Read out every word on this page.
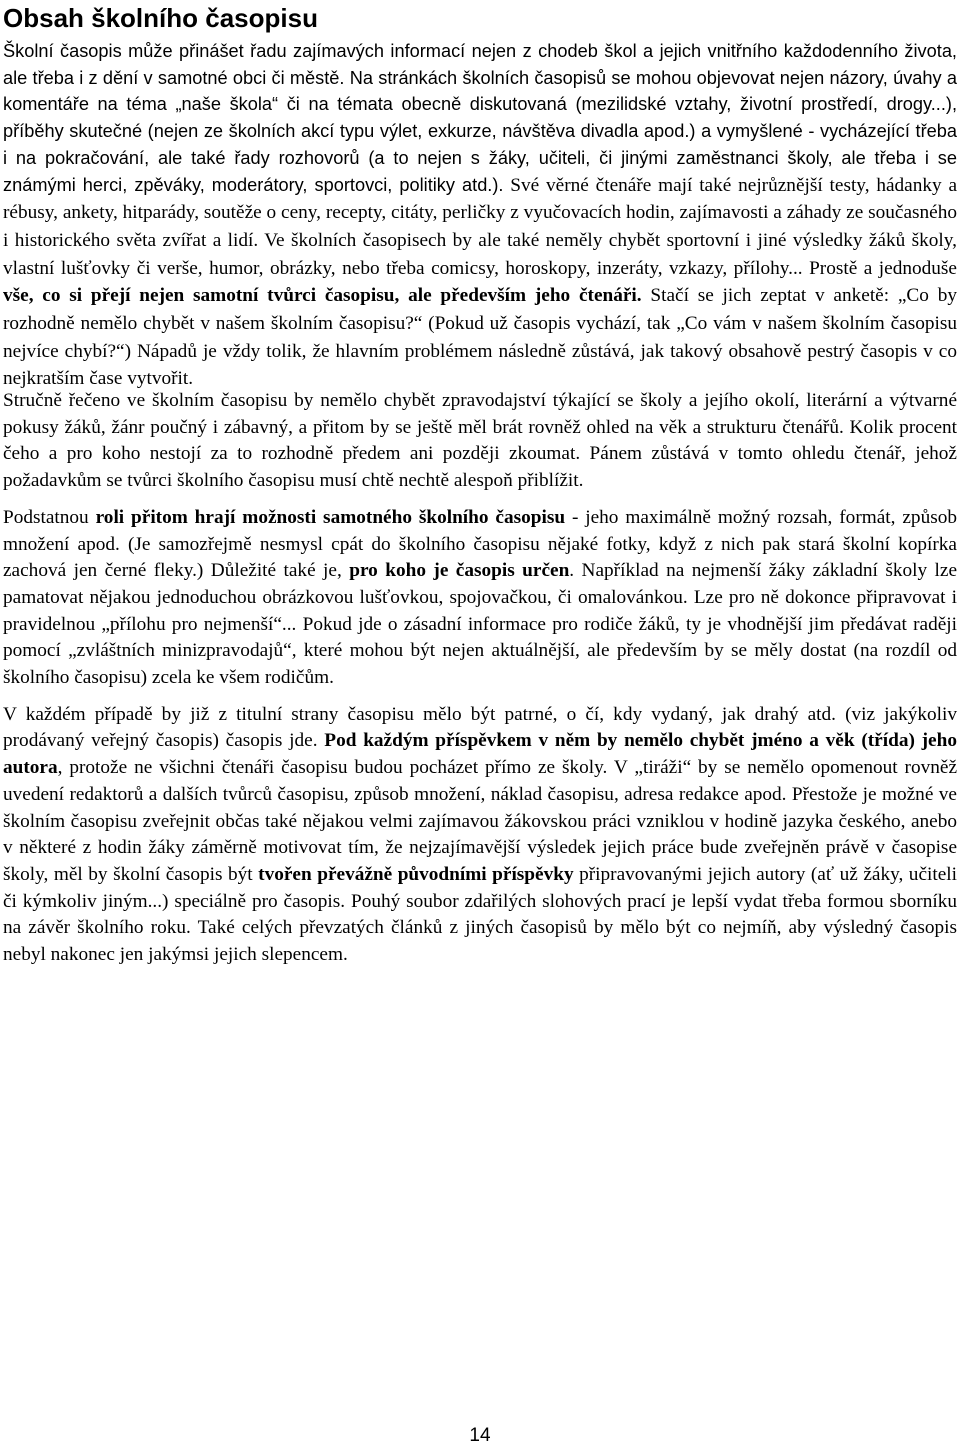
Obsah školního časopisu

Školní časopis může přinášet řadu zajímavých informací nejen z chodeb škol a jejich vnitřního každodenního života, ale třeba i z dění v samotné obci či městě. Na stránkách školních časopisů se mohou objevovat nejen názory, úvahy a komentáře na téma „naše škola“ či na témata obecně diskutovaná (mezilidské vztahy, životní prostředí, drogy...), příběhy skutečné (nejen ze školních akcí typu výlet, exkurze, návštěva divadla apod.) a vymyšlené - vycházející třeba i na pokračování, ale také řady rozhovorů (a to nejen s žáky, učiteli, či jinými zaměstnanci školy, ale třeba i se známými herci, zpěváky, moderátory, sportovci, politiky atd.). Své věrné čtenáře mají také nejrůznější testy, hádanky a rébusy, ankety, hitparády, soutěže o ceny, recepty, citáty, perličky z vyučovacích hodin, zajímavosti a záhady ze současného i historického světa zvířat a lidí. Ve školních časopisech by ale také neměly chybět sportovní i jiné výsledky žáků školy, vlastní lušťovky či verše, humor, obrázky, nebo třeba comicsy, horoskopy, inzeráty, vzkazy, přílohy... Prostě a jednoduše vše, co si přejí nejen samotní tvůrci časopisu, ale především jeho čtenáři. Stačí se jich zeptat v anketě: „Co by rozhodně nemělo chybět v našem školním časopisu?“ (Pokud už časopis vychází, tak „Co vám v našem školním časopisu nejvíce chybí?“) Nápadů je vždy tolik, že hlavním problémem následně zůstává, jak takový obsahově pestrý časopis v co nejkratším čase vytvořit.

Stručně řečeno ve školním časopisu by nemělo chybět zpravodajství týkající se školy a jejího okolí, literární a výtvarné pokusy žáků, žánr poučný i zábavný, a přitom by se ještě měl brát rovněž ohled na věk a strukturu čtenářů. Kolik procent čeho a pro koho nestojí za to rozhodně předem ani později zkoumat. Pánem zůstává v tomto ohledu čtenář, jehož požadavkům se tvůrci školního časopisu musí chtě nechtě alespoň přiblížit.

Podstatnou roli přitom hrají možnosti samotného školního časopisu - jeho maximálně možný rozsah, formát, způsob množení apod. (Je samozřejmě nesmysl cpát do školního časopisu nějaké fotky, když z nich pak stará školní kopírka zachová jen černé fleky.) Důležité také je, pro koho je časopis určen. Například na nejmenší žáky základní školy lze pamatovat nějakou jednoduchou obrázkovou lušťovkou, spojovačkou, či omalovánkou. Lze pro ně dokonce připravovat i pravidelnou „přílohu pro nejmenší“... Pokud jde o zásadní informace pro rodiče žáků, ty je vhodnější jim předávat raději pomocí „zvláštních minizpravodajů“, které mohou být nejen aktuálnější, ale především by se měly dostat (na rozdíl od školního časopisu) zcela ke všem rodičům.

V každém případě by již z titulní strany časopisu mělo být patrné, o čí, kdy vydaný, jak drahý atd. (viz jakýkoliv prodávaný veřejný časopis) časopis jde. Pod každým příspěvkem v něm by nemělo chybět jméno a věk (třída) jeho autora, protože ne všichni čtenáři časopisu budou pocházet přímo ze školy. V „tiráži“ by se nemělo opomenout rovněž uvedení redaktorů a dalších tvůrců časopisu, způsob množení, náklad časopisu, adresa redakce apod. Přestože je možné ve školním časopisu zveřejnit občas také nějakou velmi zajímavou žákovskou práci vzniklou v hodině jazyka českého, anebo v některé z hodin žáky záměrně motivovat tím, že nejzajímavější výsledek jejich práce bude zveřejněn právě v časopise školy, měl by školní časopis být tvořen převážně původními příspěvky připravovanými jejich autory (ať už žáky, učiteli či kýmkoliv jiným...) speciálně pro časopis. Pouhý soubor zdařilých slohových prací je lepší vydat třeba formou sborníku na závěr školního roku. Také celých převzatých článků z jiných časopisů by mělo být co nejmíň, aby výsledný časopis nebyl nakonec jen jakýmsi jejich slepencem.

14
